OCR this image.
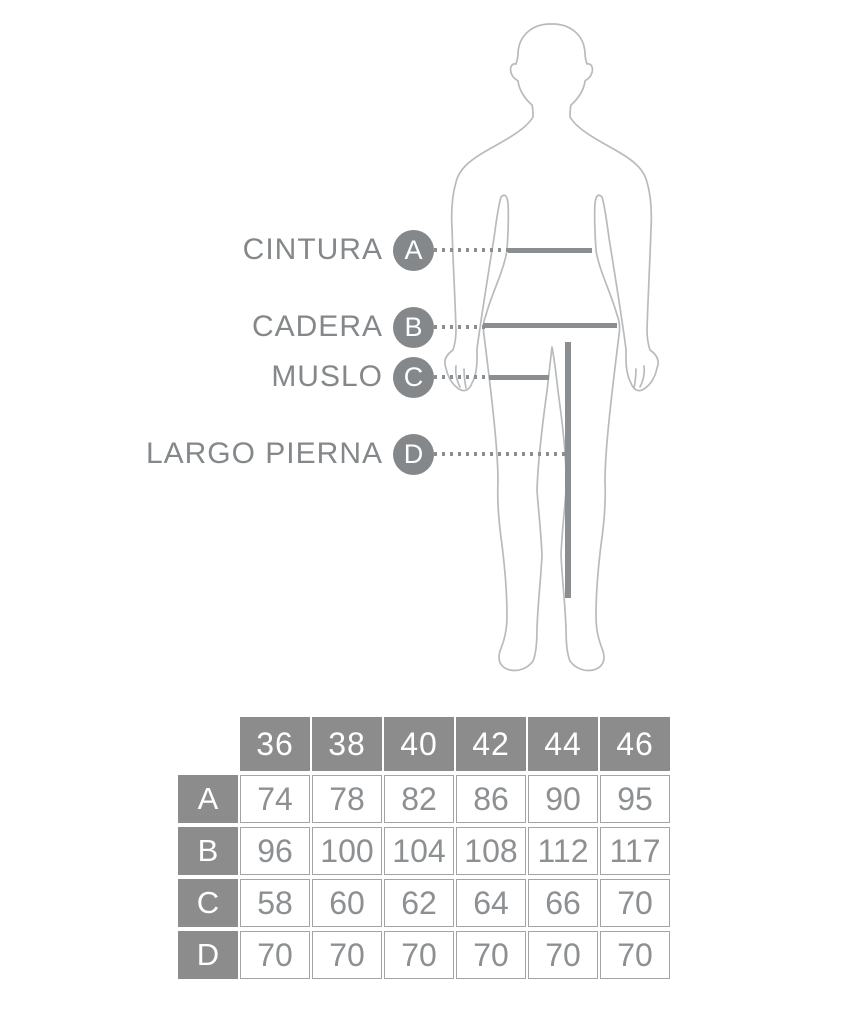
CINTURA A
CADERA B
MUSLO C
LARGO PIERNA D
36	38	40	42	44	46
A	74	78	82	86	90	95
B	96 100 104 108 112 117
C	58	60	62	64	66	70
D	70	70	70	70	70	70
